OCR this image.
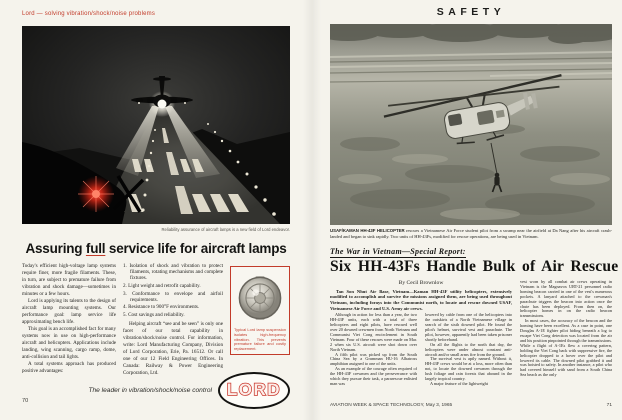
Lord — solving vibration/shock/noise problems
Reliability assurance of aircraft lamps is a new field of Lord endeavor.
Assuring full service life for aircraft lamps

Today's efficient high-voltage lamp systems require finer, more fragile filaments. These, in turn, are subject to premature failure from vibration and shock damage—sometimes in minutes or a few hours.

Lord is applying its talents to the design of aircraft lamp mounting systems. Our performance goal: lamp service life approximating bench life.

This goal is an accomplished fact for many systems now in use on high-performance aircraft and helicopters. Applications include landing, wing scanning, cargo ramp, dome, anti-collision and tail lights.

A total systems approach has produced positive advantages:

1. Isolation of shock and vibration to protect filaments, rotating mechanisms and complete fixtures.
2. Light weight and retrofit capability.
3. Conformance to envelope and airfoil requirements.
4. Resistance to 900°F environments.
5. Cost savings and reliability.

Helping aircraft “see and be seen” is only one facet of our total capability in vibration/shock/noise control. For information, write: Lord Manufacturing Company, Division of Lord Corporation, Erie, Pa. 16512. Or call one of our 12 Field Engineering Offices. In Canada: Railway & Power Engineering Corporation, Ltd.

Typical Lord lamp suspension isolates high-frequency vibration. This prevents premature failure and costly replacement.
The leader in vibration/shock/noise control LORD
70
SAFETY
USAF/KAMAN HH-43F HELICOPTER rescues a Vietnamese Air Force student pilot from a swamp near the airfield at Da Nang after his aircraft crash-landed and began to sink rapidly. Two units of HH-43Fs, modified for rescue operations, are being used in Vietnam.
The War in Vietnam—Special Report:
Six HH-43Fs Handle Bulk of Air Rescue
By Cecil Brownlow

Tan Son Nhut Air Base, Vietnam—Kaman HH-43F utility helicopters, extensively modified to accomplish and survive the missions assigned them, are being used throughout Vietnam, including forays into the Communist north, to locate and rescue downed USAF, Vietnamese Air Force and U.S. Army air crews.

Although in action for less than a year, the two HH-43F units, each with a total of three helicopters and eight pilots, have rescued well over 20 downed crewmen from North Vietnam and Communist Viet Cong encirclement in South Vietnam. Four of these rescues were made on Mar. 2 when six U.S. aircraft were shot down over North Vietnam.

A fifth pilot was picked up from the South China Sea by a Grumman HU-16 Albatross amphibian assigned to one of the units.

As an example of the courage often required of the HH-43F crewmen and the perseverance with which they pursue their task, a pararescue enlisted man was

lowered by cable from one of the helicopters into the outskirts of a North Vietnamese village in search of the sixth downed pilot. He found the pilot's helmet, survival vest and parachute. The pilot, however, apparently had been taken prisoner shortly beforehand.

On all the flights to the north that day, the helicopters were under almost constant anti-aircraft and/or small arms fire from the ground.

The survival vest is aptly named. Without it, HH-43F crews would be at a loss, more often than not, to locate the downed crewmen through the lush foliage and rain forests that abound in the largely tropical country.

A major feature of the lightweight

vest worn by all combat air crews operating in Vietnam is the Magnavox URT-21 personnel radio homing beacon carried in one of the vest's numerous pockets. A lanyard attached to the crewman's parachute triggers the beacon into action once the chute has been deployed. From then on, the helicopter homes in on the radio beacon transmissions.

In most cases, the accuracy of the beacon and the homing have been excellent. As a case in point, one Douglas A-1E fighter pilot hiding beneath a log to escape Viet Cong detection was located from the air and his position pinpointed through the transmissions. While a flight of A-1Es flew a covering pattern, holding the Viet Cong back with suppressive fire, the helicopter dropped to a hover over the pilot and lowered its cable. The downed pilot grabbed it and was hoisted to safety. In another instance, a pilot who had covered himself with sand from a South China Sea beach as the only

AVIATION WEEK & SPACE TECHNOLOGY, May 3, 1965	71
